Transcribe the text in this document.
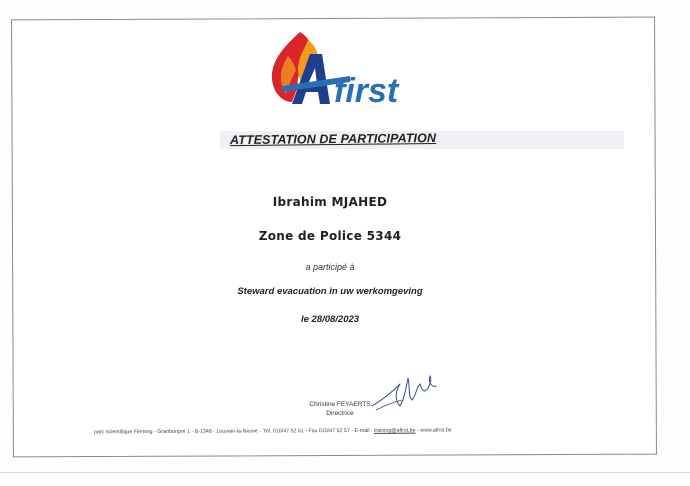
first
ATTESTATION DE PARTICIPATION
Ibrahim MJAHED
Zone de Police 5344
a participé à
Steward evacuation in uw werkomgeving
le 28/08/2023
Christine FEYAERTS
Directrice
parc scientifique Fleming - Granbonpré 1 - B-1348 - Louvain-la-Neuve - Tél. 010/47 52 51 - Fax 010/47 52 57 - E-mail : training@afirst.be - www.afirst.be
